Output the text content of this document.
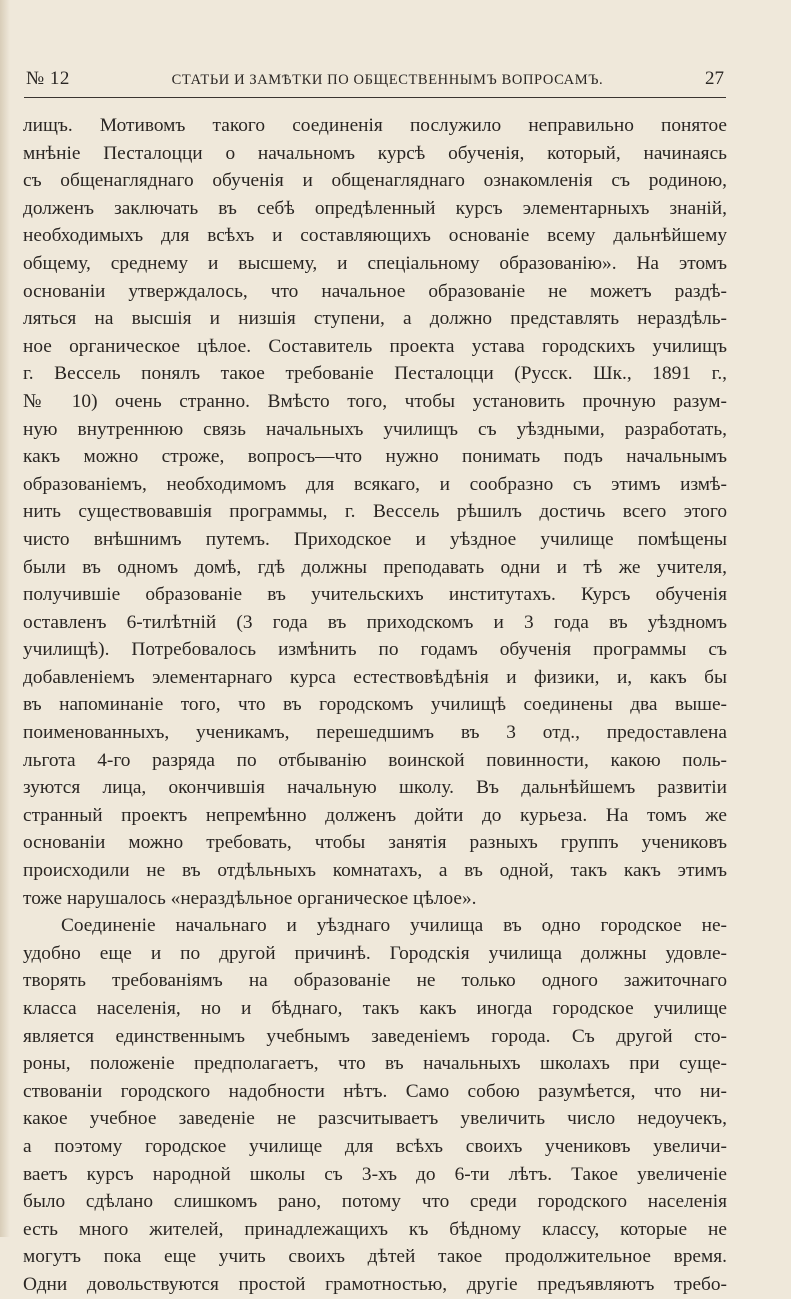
№ 12	СТАТЬИ И ЗАМѢТКИ ПО ОБЩЕСТВЕННЫМЪ ВОПРОСАМЪ.	27
лищъ. Мотивомъ такого соединенія послужило неправильно понятое
мнѣніе Песталоцци о начальномъ курсѣ обученія, который, начинаясь
съ общенагляднаго обученія и общенагляднаго ознакомленія съ родиною,
долженъ заключать въ себѣ опредѣленный курсъ элементарныхъ знаній,
необходимыхъ для всѣхъ и составляющихъ основаніе всему дальнѣйшему
общему, среднему и высшему, и спеціальному образованію». На этомъ
основаніи утверждалось, что начальное образованіе не можетъ раздѣ-
ляться на высшія и низшія ступени, а должно представлять нераздѣль-
ное органическое цѣлое. Составитель проекта устава городскихъ училищъ
г. Вессель понялъ такое требованіе Песталоцци (Русск. Шк., 1891 г.,
№ 10) очень странно. Вмѣсто того, чтобы установить прочную разум-
ную внутреннюю связь начальныхъ училищъ съ уѣздными, разработать,
какъ можно строже, вопросъ—что нужно понимать подъ начальнымъ
образованіемъ, необходимомъ для всякаго, и сообразно съ этимъ измѣ-
нить существовавшія программы, г. Вессель рѣшилъ достичь всего этого
чисто внѣшнимъ путемъ. Приходское и уѣздное училище помѣщены
были въ одномъ домѣ, гдѣ должны преподавать одни и тѣ же учителя,
получившіе образованіе въ учительскихъ институтахъ. Курсъ обученія
оставленъ 6-тилѣтній (3 года въ приходскомъ и 3 года въ уѣздномъ
училищѣ). Потребовалось измѣнить по годамъ обученія программы съ
добавленіемъ элементарнаго курса естествовѣдѣнія и физики, и, какъ бы
въ напоминаніе того, что въ городскомъ училищѣ соединены два выше-
поименованныхъ, ученикамъ, перешедшимъ въ 3 отд., предоставлена
льгота 4-го разряда по отбыванію воинской повинности, какою поль-
зуются лица, окончившія начальную школу. Въ дальнѣйшемъ развитіи
странный проектъ непремѣнно долженъ дойти до курьеза. На томъ же
основаніи можно требовать, чтобы занятія разныхъ группъ учениковъ
происходили не въ отдѣльныхъ комнатахъ, а въ одной, такъ какъ этимъ
тоже нарушалось «нераздѣльное органическое цѣлое».
Соединеніе начальнаго и уѣзднаго училища въ одно городское не-
удобно еще и по другой причинѣ. Городскія училища должны удовле-
творять требованіямъ на образованіе не только одного зажиточнаго
класса населенія, но и бѣднаго, такъ какъ иногда городское училище
является единственнымъ учебнымъ заведеніемъ города. Съ другой сто-
роны, положеніе предполагаетъ, что въ начальныхъ школахъ при суще-
ствованіи городского надобности нѣтъ. Само собою разумѣется, что ни-
какое учебное заведеніе не разсчитываетъ увеличить число недоучекъ,
а поэтому городское училище для всѣхъ своихъ учениковъ увеличи-
ваетъ курсъ народной школы съ 3-хъ до 6-ти лѣтъ. Такое увеличеніе
было сдѣлано слишкомъ рано, потому что среди городского населенія
есть много жителей, принадлежащихъ къ бѣдному классу, которые не
могутъ пока еще учить своихъ дѣтей такое продолжительное время.
Одни довольствуются простой грамотностью, другіе предъявляютъ требо-
